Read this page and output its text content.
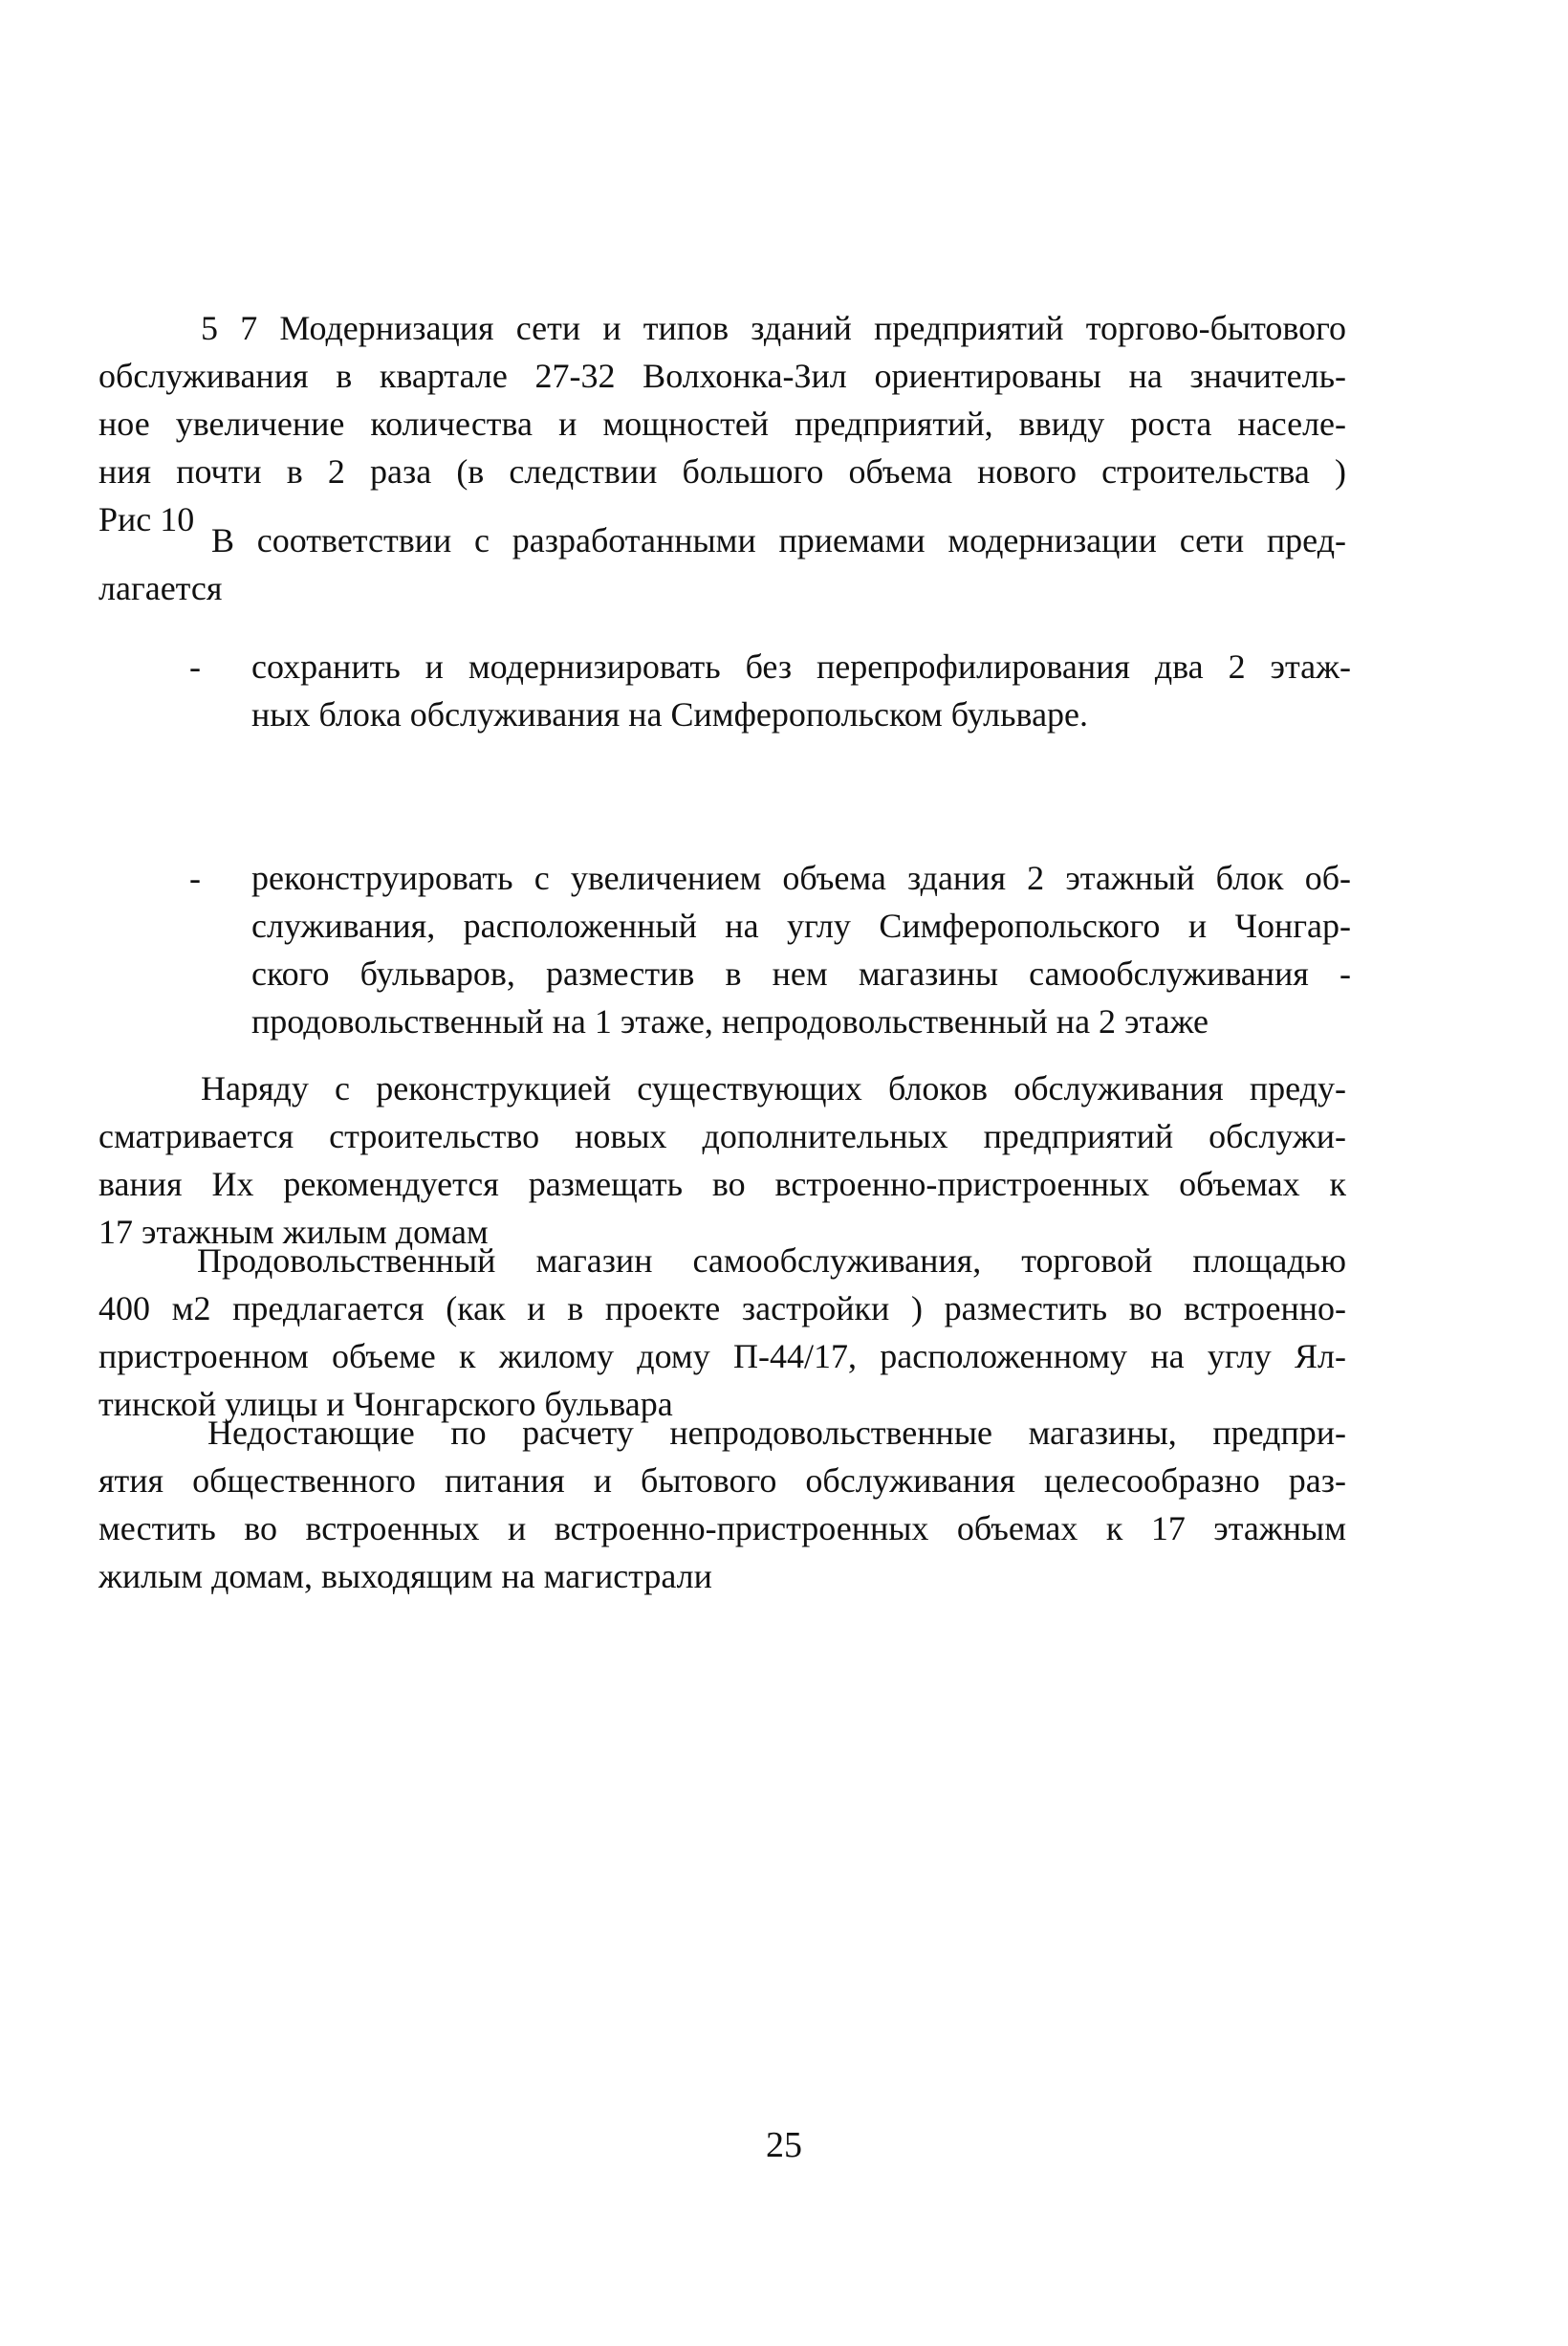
5 7 Модернизация сети и типов зданий предприятий торгово-бытового
обслуживания в квартале 27-32 Волхонка-Зил ориентированы на значитель-
ное увеличение количества и мощностей предприятий, ввиду роста населе-
ния почти в 2 раза (в следствии большого объема нового строительства )
Рис 10
В соответствии с разработанными приемами модернизации сети пред-
лагается
- сохранить и модернизировать без перепрофилирования два 2 этаж-
ных блока обслуживания на Симферопольском бульваре.
- реконструировать с увеличением объема здания 2 этажный блок об-
служивания, расположенный на углу Симферопольского и Чонгар-
ского бульваров, разместив в нем магазины самообслуживания -
продовольственный на 1 этаже, непродовольственный на 2 этаже
Наряду с реконструкцией существующих блоков обслуживания преду-
сматривается строительство новых дополнительных предприятий обслужи-
вания Их рекомендуется размещать во встроенно-пристроенных объемах к
17 этажным жилым домам
Продовольственный магазин самообслуживания, торговой площадью
400 м2 предлагается (как и в проекте застройки ) разместить во встроенно-
пристроенном объеме к жилому дому П-44/17, расположенному на углу Ял-
тинской улицы и Чонгарского бульвара
Недостающие по расчету непродовольственные магазины, предпри-
ятия общественного питания и бытового обслуживания целесообразно раз-
местить во встроенных и встроенно-пристроенных объемах к 17 этажным
жилым домам, выходящим на магистрали
25
